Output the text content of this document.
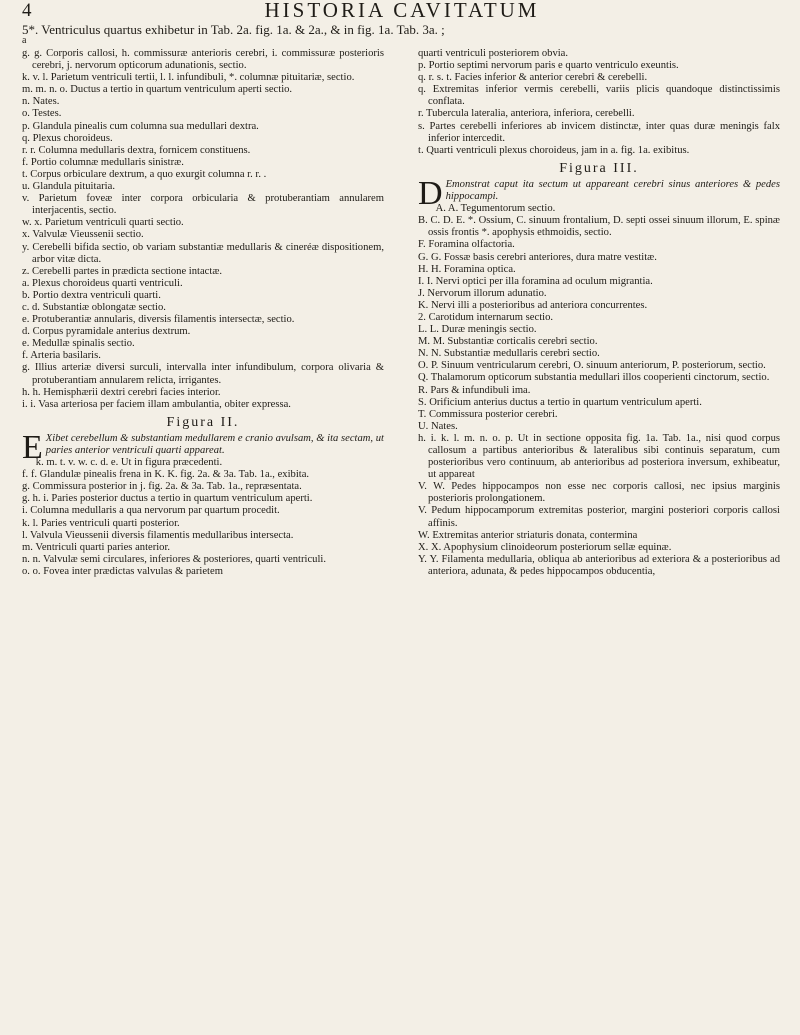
4	HISTORIA CAVITATUM
5*. Ventriculus quartus exhibetur in Tab. 2a. fig. 1a. & 2a., & in fig. 1a. Tab. 3a. ;
a

g. g. Corporis callosi, h. commissuræ anterioris cerebri, i. commissuræ posterioris cerebri, j. nervorum opticorum adunationis, sectio.

k. v. l. Parietum ventriculi tertii, l. l. infundibuli, *. columnæ pituitariæ, sectio.

m. m. n. o. Ductus a tertio in quartum ventriculum aperti sectio.

n. Nates.

o. Testes.

p. Glandula pinealis cum columna sua medullari dextra.

q. Plexus choroideus.

r. r. Columna medullaris dextra, fornicem constituens.

f. Portio columnæ medullaris sinistræ.

t. Corpus orbiculare dextrum, a quo exurgit columna r. r. .

u. Glandula pituitaria.

v. Parietum foveæ inter corpora orbicularia & protuberantiam annularem interjacentis, sectio.

w. x. Parietum ventriculi quarti sectio.

x. Valvulæ Vieussenii sectio.

y. Cerebelli bifida sectio, ob variam substantiæ medullaris & cineréæ dispositionem, arbor vitæ dicta.

z. Cerebelli partes in prædicta sectione intactæ.

a. Plexus choroideus quarti ventriculi.

b. Portio dextra ventriculi quarti.

c. d. Substantiæ oblongatæ sectio.

e. Protuberantiæ annularis, diversis filamentis intersectæ, sectio.

d. Corpus pyramidale anterius dextrum.

e. Medullæ spinalis sectio.

f. Arteria basilaris.

g. Illius arteriæ diversi surculi, intervalla inter infundibulum, corpora olivaria & protuberantiam annularem relicta, irrigantes.

h. h. Hemisphærii dextri cerebri facies interior.

i. i. Vasa arteriosa per faciem illam ambulantia, obiter expressa.

Figura II.

E Xibet cerebellum & substantiam medullarem e cranio avulsam, & ita sectam, ut paries anterior ventriculi quarti appareat.

k. m. t. v. w. c. d. e. Ut in figura præcedenti.

f. f. Glandulæ pinealis frena in K. K. fig. 2a. & 3a. Tab. 1a., exibita.

g. Commissura posterior in j. fig. 2a. & 3a. Tab. 1a., repræsentata.

g. h. i. Paries posterior ductus a tertio in quartum ventriculum aperti.

i. Columna medullaris a qua nervorum par quartum procedit.

k. l. Paries ventriculi quarti posterior.

l. Valvula Vieussenii diversis filamentis medullaribus intersecta.

m. Ventriculi quarti paries anterior.

n. n. Valvulæ semi circulares, inferiores & posteriores, quarti ventriculi.

o. o. Fovea inter prædictas valvulas & parietem

quarti ventriculi posteriorem obvia.

p. Portio septimi nervorum paris e quarto ventriculo exeuntis.

q. r. s. t. Facies inferior & anterior cerebri & cerebelli.

q. Extremitas inferior vermis cerebelli, variis plicis quandoque distinctissimis conflata.

r. Tubercula lateralia, anteriora, inferiora, cerebelli.

s. Partes cerebelli inferiores ab invicem distinctæ, inter quas duræ meningis falx inferior intercedit.

t. Quarti ventriculi plexus choroideus, jam in a. fig. 1a. exibitus.

Figura III.

D Emonstrat caput ita sectum ut appareant cerebri sinus anteriores & pedes hippocampi.

A. A. Tegumentorum sectio.

B. C. D. E. *. Ossium, C. sinuum frontalium, D. septi ossei sinuum illorum, E. spinæ ossis frontis *. apophysis ethmoidis, sectio.

F. Foramina olfactoria.

G. G. Fossæ basis cerebri anteriores, dura matre vestitæ.

H. H. Foramina optica.

I. I. Nervi optici per illa foramina ad oculum migrantia.

J. Nervorum illorum adunatio.

K. Nervi illi a posterioribus ad anteriora concurrentes.

2. Carotidum internarum sectio.

L. L. Duræ meningis sectio.

M. M. Substantiæ corticalis cerebri sectio.

N. N. Substantiæ medullaris cerebri sectio.

O. P. Sinuum ventricularum cerebri, O. sinuum anteriorum, P. posteriorum, sectio.

Q. Thalamorum opticorum substantia medullari illos cooperienti cinctorum, sectio.

R. Pars & infundibuli ima.

S. Orificium anterius ductus a tertio in quartum ventriculum aperti.

T. Commissura posterior cerebri.

U. Nates.

h. i. k. l. m. n. o. p. Ut in sectione opposita fig. 1a. Tab. 1a., nisi quod corpus callosum a partibus anterioribus & lateralibus sibi continuis separatum, cum posterioribus vero continuum, ab anterioribus ad posteriora inversum, exhibeatur, ut appareat

V. W. Pedes hippocampos non esse nec corporis callosi, nec ipsius marginis posterioris prolongationem.

V. Pedum hippocamporum extremitas posterior, margini posteriori corporis callosi affinis.

W. Extremitas anterior striaturis donata, contermina

X. X. Apophysium clinoideorum posteriorum sellæ equinæ.

Y. Y. Filamenta medullaria, obliqua ab anterioribus ad exteriora & a posterioribus ad anteriora, adunata, & pedes hippocampos obducentia,
